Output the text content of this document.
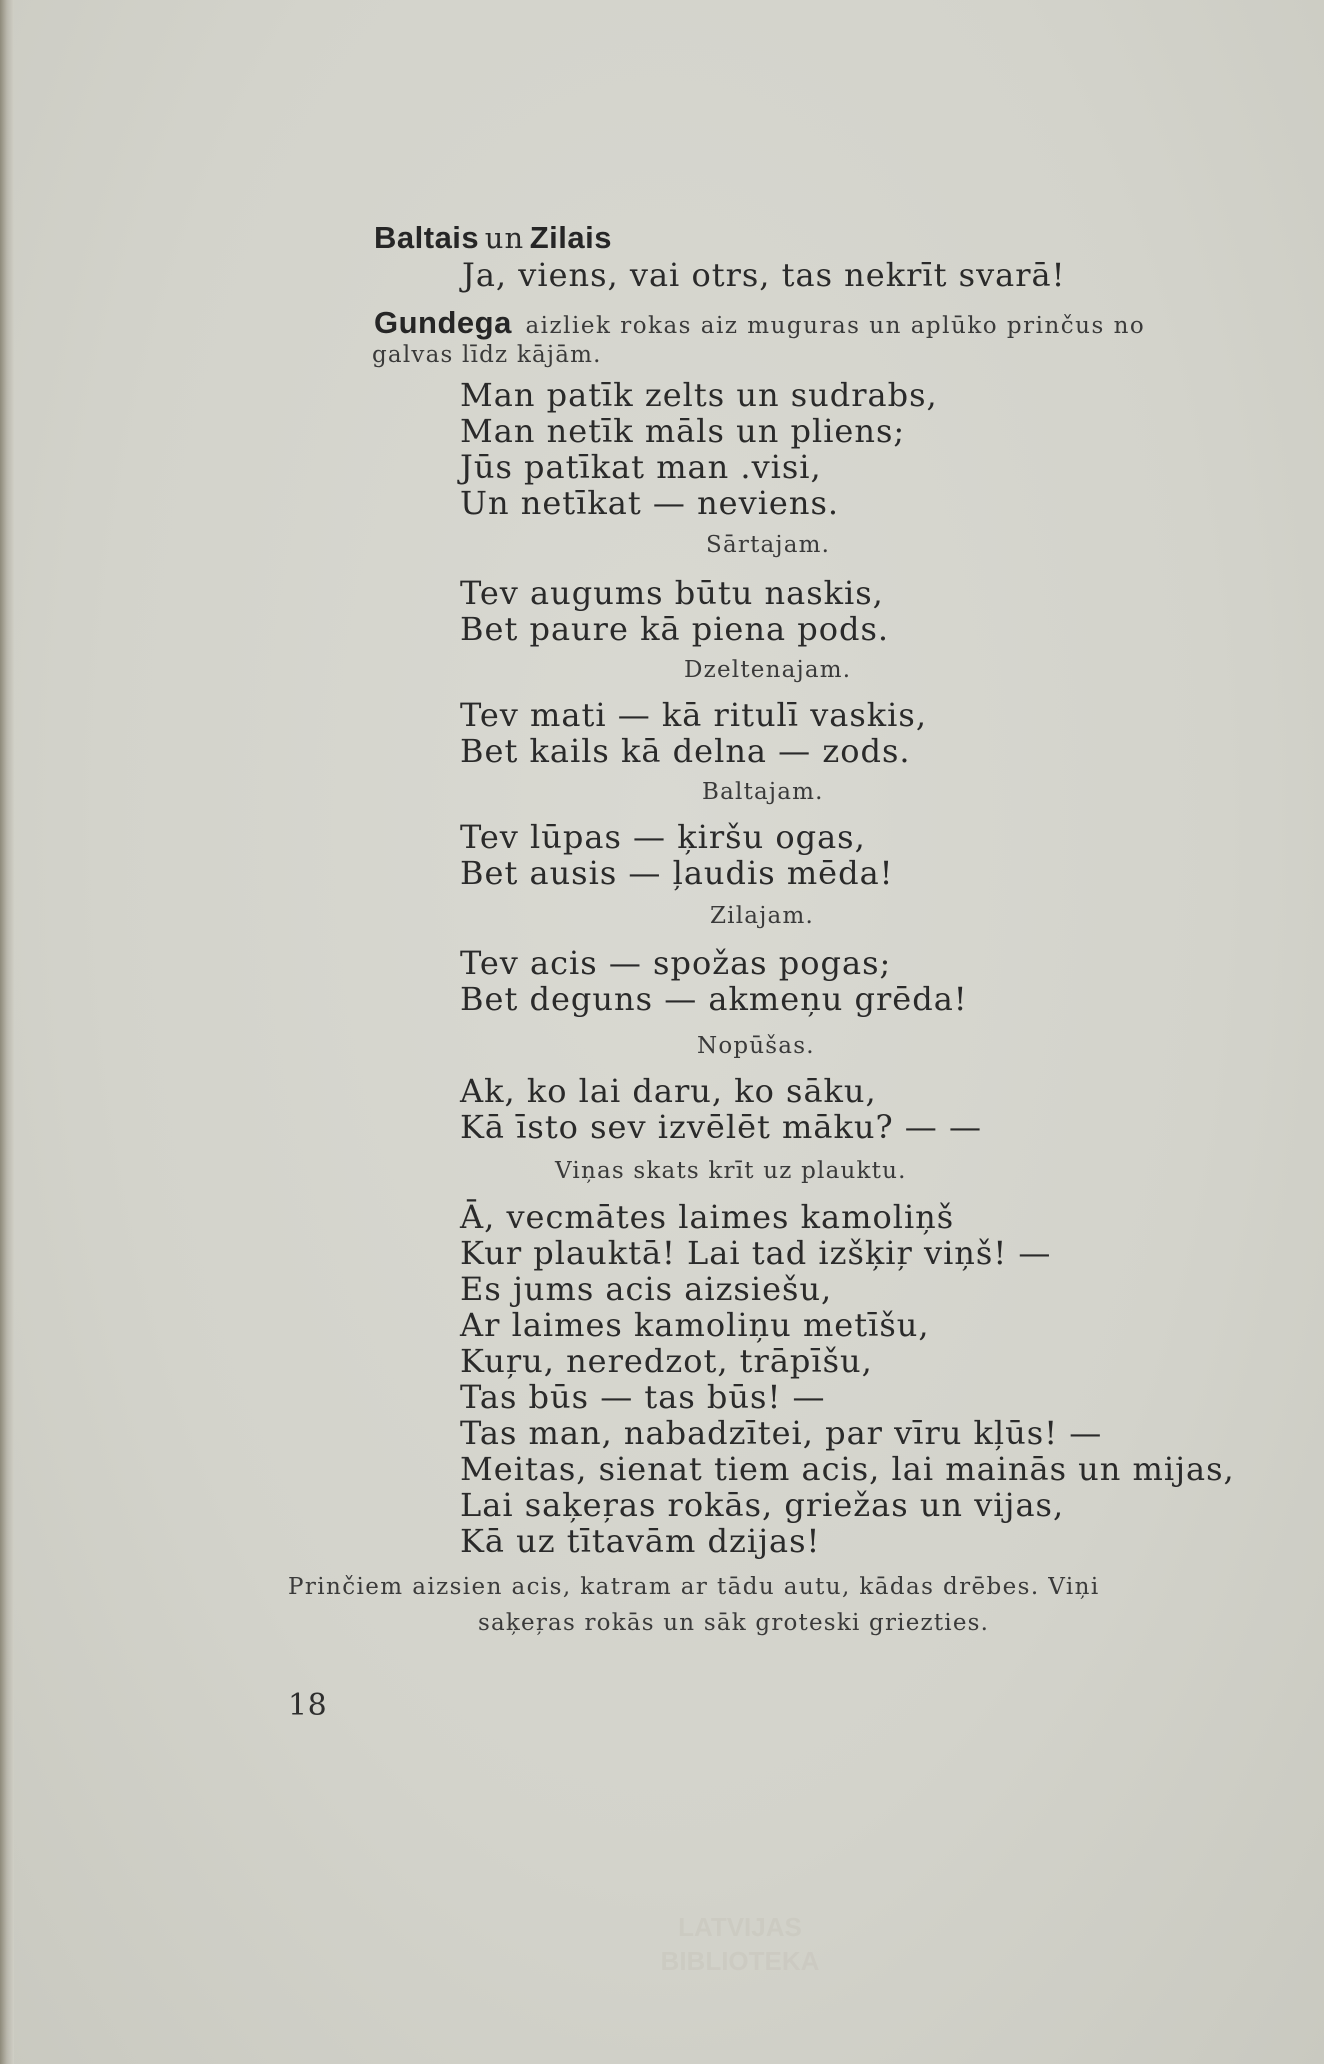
Baltais un Zilais
Ja, viens, vai otrs, tas nekrīt svarā!
Gundega aizliek rokas aiz muguras un aplūko prinčus no
galvas līdz kājām.
Man patīk zelts un sudrabs,
Man netīk māls un pliens;
Jūs patīkat man .visi,
Un netīkat — neviens.
Sārtajam.
Tev augums būtu naskis,
Bet paure kā piena pods.
Dzeltenajam.
Tev mati — kā ritulī vaskis,
Bet kails kā delna — zods.
Baltajam.
Tev lūpas — ķiršu ogas,
Bet ausis — ļaudis mēda!
Zilajam.
Tev acis — spožas pogas;
Bet deguns — akmeņu grēda!
Nopūšas.
Ak, ko lai daru, ko sāku,
Kā īsto sev izvēlēt māku? — —
Viņas skats krīt uz plauktu.
Ā, vecmātes laimes kamoliņš
Kur plauktā! Lai tad izšķiŗ viņš! —
Es jums acis aizsiešu,
Ar laimes kamoliņu metīšu,
Kuŗu, neredzot, trāpīšu,
Tas būs — tas būs! —
Tas man, nabadzītei, par vīru kļūs! —
Meitas, sienat tiem acis, lai mainās un mijas,
Lai saķeŗas rokās, griežas un vijas,
Kā uz tītavām dzijas!
Prinčiem aizsien acis, katram ar tādu autu, kādas drēbes. Viņi
saķeŗas rokās un sāk groteski griezties.
18
LATVIJAS
BIBLIOTEKA
